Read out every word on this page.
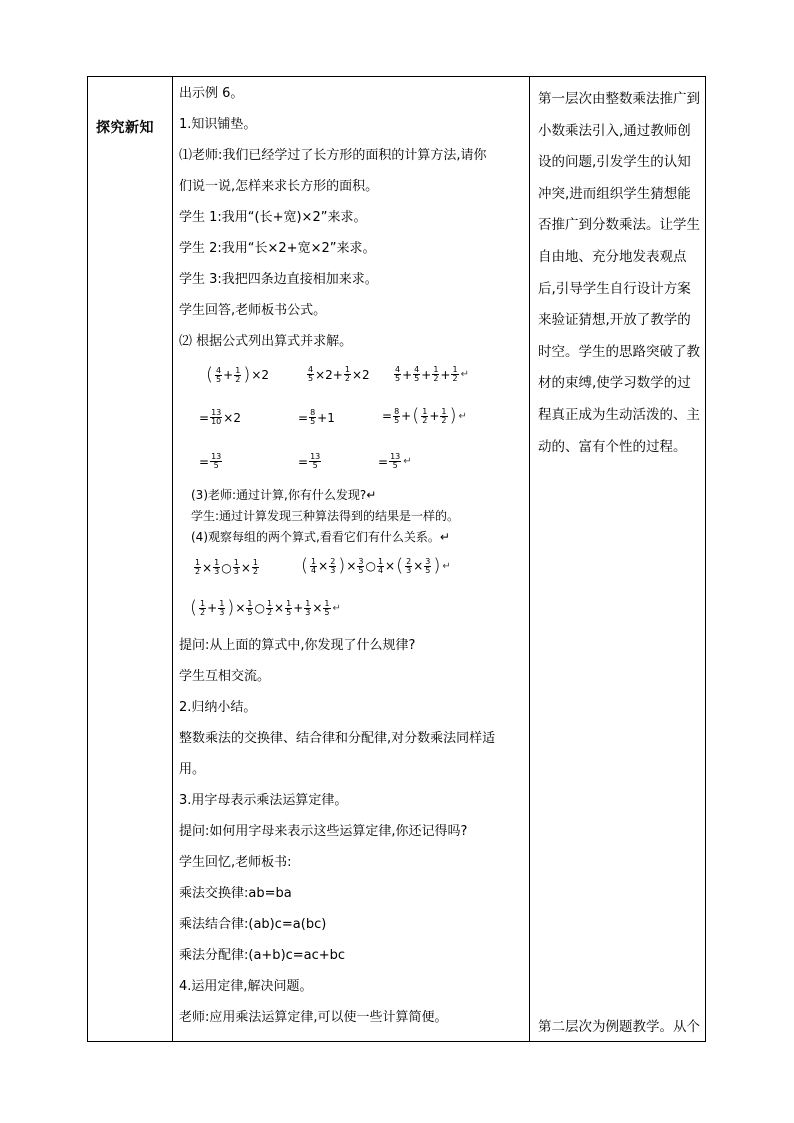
探究新知
出示例 6。
1.知识铺垫。
⑴老师:我们已经学过了长方形的面积的计算方法,请你
们说一说,怎样来求长方形的面积。
学生 1:我用“(长+宽)×2”来求。
学生 2:我用“长×2+宽×2”来求。
学生 3:我把四条边直接相加来求。
学生回答,老师板书公式。
⑵ 根据公式列出算式并求解。
( $\frac{4}{5} + \frac{1}{2}$ ) × 2	$\frac{4}{5} \times 2 + \frac{1}{2} \times 2$	$\frac{4}{5} + \frac{4}{5} + \frac{1}{2} + \frac{1}{2}$ ↵
= $\frac{13}{10} \times 2$	= $\frac{8}{5} + 1$	= $\frac{8}{5}$ + ( $\frac{1}{2} + \frac{1}{2}$ ) ↵
= $\frac{13}{5}$	= $\frac{13}{5}$	= $\frac{13}{5}$ ↵
(3)老师:通过计算,你有什么发现?↵
学生:通过计算发现三种算法得到的结果是一样的。
(4)观察每组的两个算式,看看它们有什么关系。↵
$\frac{1}{2} \times \frac{1}{3}$ ○ $\frac{1}{3} \times \frac{1}{2}$ ( $\frac{1}{4} \times \frac{2}{3}$ ) × $\frac{3}{5}$ ○ $\frac{1}{4}$ × ( $\frac{2}{3} \times \frac{3}{5}$ ) ↵
( $\frac{1}{2} + \frac{1}{3}$ ) × $\frac{1}{5}$ ○ $\frac{1}{2} \times \frac{1}{5} + \frac{1}{3} \times \frac{1}{5}$ ↵
提问:从上面的算式中,你发现了什么规律?
学生互相交流。
2.归纳小结。
整数乘法的交换律、结合律和分配律,对分数乘法同样适
用。
3.用字母表示乘法运算定律。
提问:如何用字母来表示这些运算定律,你还记得吗?
学生回忆,老师板书:
乘法交换律:ab=ba
乘法结合律:(ab)c=a(bc)
乘法分配律:(a+b)c=ac+bc
4.运用定律,解决问题。
老师:应用乘法运算定律,可以使一些计算简便。
第一层次由整数乘法推广到小数乘法引入,通过教师创设的问题,引发学生的认知冲突,进而组织学生猜想能否推广到分数乘法。让学生自由地、充分地发表观点后,引导学生自行设计方案来验证猜想,开放了教学的时空。学生的思路突破了教材的束缚,使学习数学的过程真正成为生动活泼的、主动的、富有个性的过程。
第二层次为例题教学。从个
